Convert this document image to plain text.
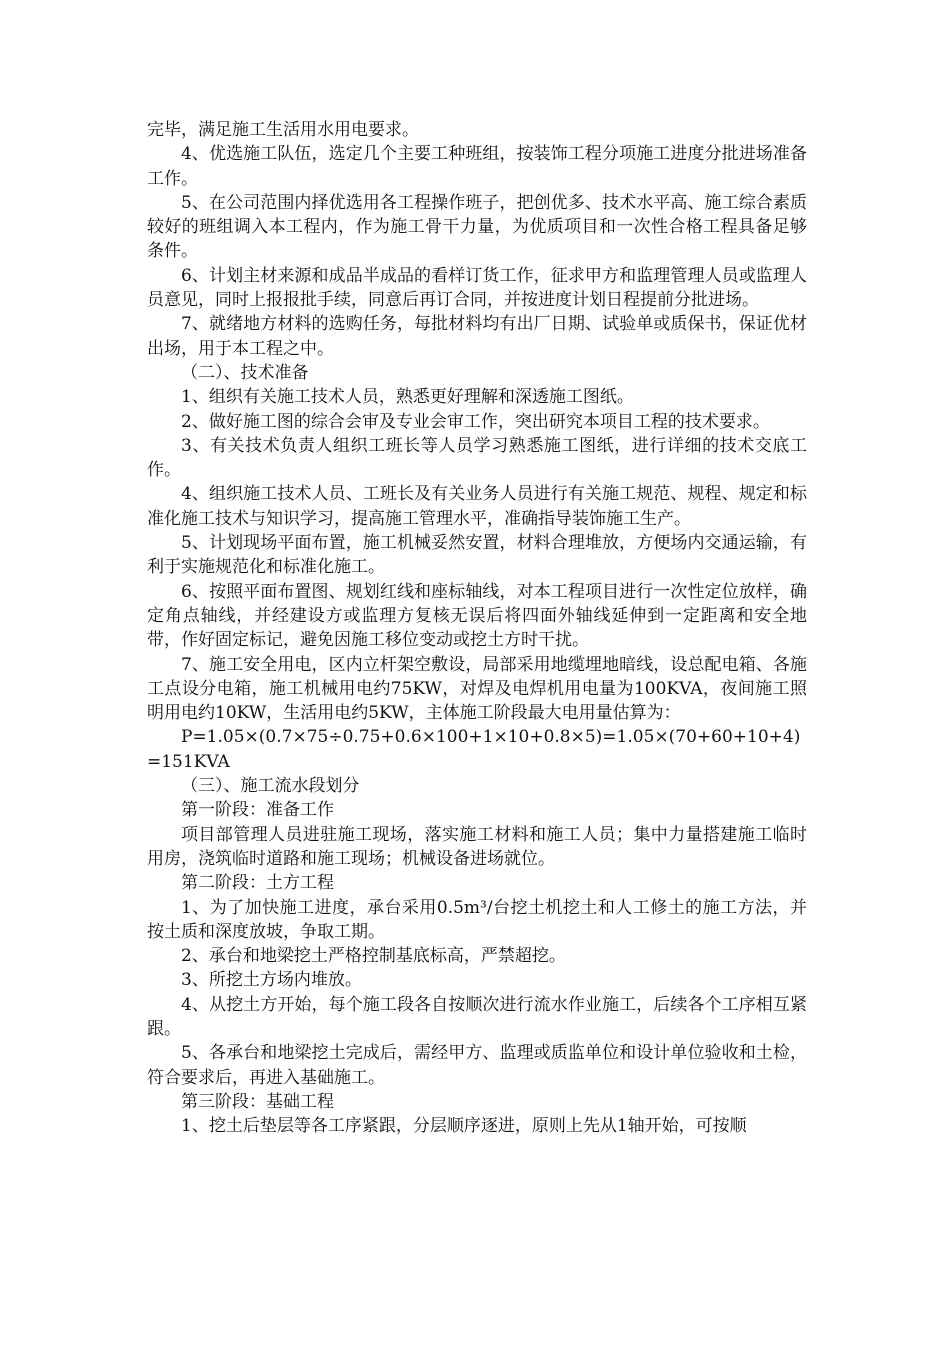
完毕，满足施工生活用水用电要求。

4、优选施工队伍，选定几个主要工种班组，按装饰工程分项施工进度分批进场准备工作。

5、在公司范围内择优选用各工程操作班子，把创优多、技术水平高、施工综合素质较好的班组调入本工程内，作为施工骨干力量，为优质项目和一次性合格工程具备足够条件。

6、计划主材来源和成品半成品的看样订货工作，征求甲方和监理管理人员或监理人员意见，同时上报报批手续，同意后再订合同，并按进度计划日程提前分批进场。

7、就绪地方材料的选购任务，每批材料均有出厂日期、试验单或质保书，保证优材出场，用于本工程之中。

（二）、技术准备

1、组织有关施工技术人员，熟悉更好理解和深透施工图纸。

2、做好施工图的综合会审及专业会审工作，突出研究本项目工程的技术要求。

3、有关技术负责人组织工班长等人员学习熟悉施工图纸，进行详细的技术交底工作。

4、组织施工技术人员、工班长及有关业务人员进行有关施工规范、规程、规定和标准化施工技术与知识学习，提高施工管理水平，准确指导装饰施工生产。

5、计划现场平面布置，施工机械妥然安置，材料合理堆放，方便场内交通运输，有利于实施规范化和标准化施工。

6、按照平面布置图、规划红线和座标轴线，对本工程项目进行一次性定位放样，确定角点轴线，并经建设方或监理方复核无误后将四面外轴线延伸到一定距离和安全地带，作好固定标记，避免因施工移位变动或挖土方时干扰。

7、施工安全用电，区内立杆架空敷设，局部采用地缆埋地暗线，设总配电箱、各施工点设分电箱，施工机械用电约75KW，对焊及电焊机用电量为100KVA，夜间施工照明用电约10KW，生活用电约5KW，主体施工阶段最大电用量估算为：

P=1.05×(0.7×75÷0.75+0.6×100+1×10+0.8×5)=1.05×(70+60+10+4)=151KVA

（三）、施工流水段划分

第一阶段：准备工作

项目部管理人员进驻施工现场，落实施工材料和施工人员；集中力量搭建施工临时用房，浇筑临时道路和施工现场；机械设备进场就位。

第二阶段：土方工程

1、为了加快施工进度，承台采用0.5m³/台挖土机挖土和人工修土的施工方法，并按土质和深度放坡，争取工期。

2、承台和地梁挖土严格控制基底标高，严禁超挖。

3、所挖土方场内堆放。

4、从挖土方开始，每个施工段各自按顺次进行流水作业施工，后续各个工序相互紧跟。

5、各承台和地梁挖土完成后，需经甲方、监理或质监单位和设计单位验收和土检，符合要求后，再进入基础施工。

第三阶段：基础工程

1、挖土后垫层等各工序紧跟，分层顺序逐进，原则上先从1轴开始，可按顺
